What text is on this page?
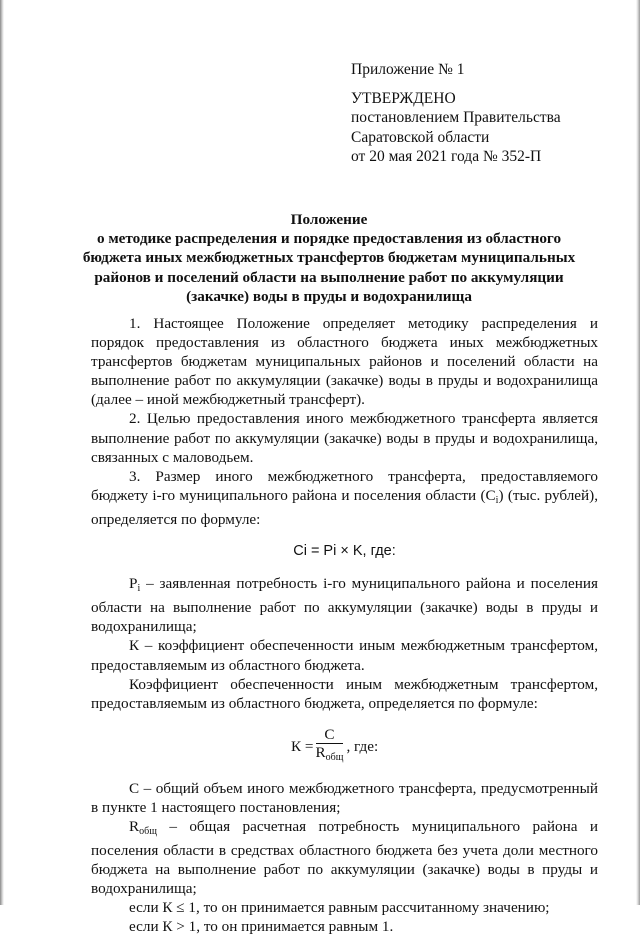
Приложение № 1
УТВЕРЖДЕНО
постановлением Правительства
Саратовской области
от 20 мая 2021 года № 352-П
Положение
о методике распределения и порядке предоставления из областного
бюджета иных межбюджетных трансфертов бюджетам муниципальных
районов и поселений области на выполнение работ по аккумуляции
(закачке) воды в пруды и водохранилища

1. Настоящее Положение определяет методику распределения и порядок предоставления из областного бюджета иных межбюджетных трансфертов бюджетам муниципальных районов и поселений области на выполнение работ по аккумуляции (закачке) воды в пруды и водохранилища (далее – иной межбюджетный трансферт).

2. Целью предоставления иного межбюджетного трансферта является выполнение работ по аккумуляции (закачке) воды в пруды и водохранилища, связанных с маловодьем.

3. Размер иного межбюджетного трансферта, предоставляемого бюджету i-го муниципального района и поселения области $(C_i)$ (тыс. рублей), определяется по формуле:

Ci = Pi × K, где:

$P_i$ – заявленная потребность i-го муниципального района и поселения области на выполнение работ по аккумуляции (закачке) воды в пруды и водохранилища;

К – коэффициент обеспеченности иным межбюджетным трансфертом, предоставляемым из областного бюджета.

Коэффициент обеспеченности иным межбюджетным трансфертом, предоставляемым из областного бюджета, определяется по формуле:

$К = \frac{С}{R_{общ}}$ , где:

С – общий объем иного межбюджетного трансферта, предусмотренный в пункте 1 настоящего постановления;

$R_{общ}$ – общая расчетная потребность муниципального района и поселения области в средствах областного бюджета без учета доли местного бюджета на выполнение работ по аккумуляции (закачке) воды в пруды и водохранилища;

если К ≤ 1, то он принимается равным рассчитанному значению;

если К > 1, то он принимается равным 1.
